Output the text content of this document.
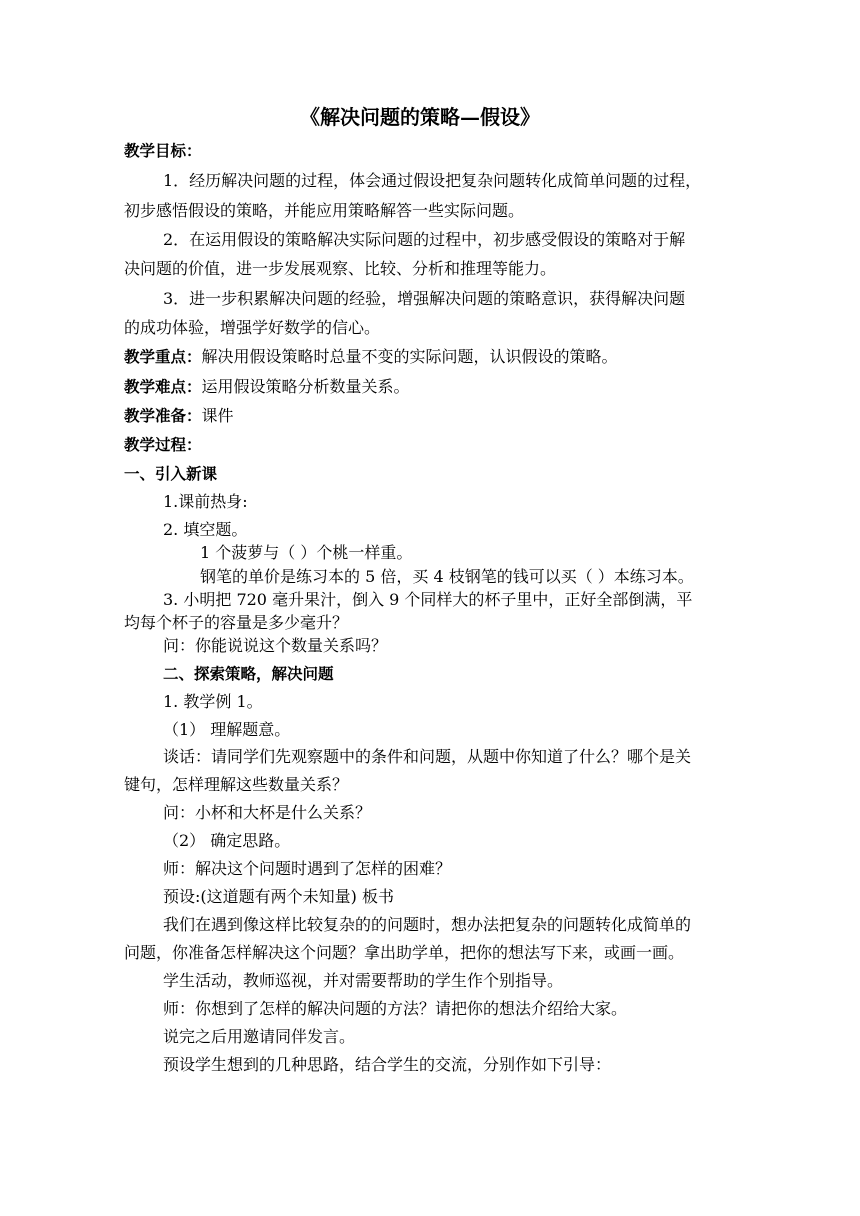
《解决问题的策略—假设》
教学目标：
1．经历解决问题的过程，体会通过假设把复杂问题转化成简单问题的过程，
初步感悟假设的策略，并能应用策略解答一些实际问题。
2．在运用假设的策略解决实际问题的过程中，初步感受假设的策略对于解
决问题的价值，进一步发展观察、比较、分析和推理等能力。
3．进一步积累解决问题的经验，增强解决问题的策略意识，获得解决问题
的成功体验，增强学好数学的信心。
教学重点：解决用假设策略时总量不变的实际问题，认识假设的策略。
教学难点：运用假设策略分析数量关系。
教学准备：课件
教学过程：
一、引入新课
1.课前热身:
2. 填空题。
1 个菠萝与（ ）个桃一样重。
钢笔的单价是练习本的 5 倍，买 4 枝钢笔的钱可以买（ ）本练习本。
3. 小明把 720 毫升果汁，倒入 9 个同样大的杯子里中，正好全部倒满，平
均每个杯子的容量是多少毫升？
问：你能说说这个数量关系吗？
二、探索策略，解决问题
1. 教学例 1。
（1） 理解题意。
谈话：请同学们先观察题中的条件和问题，从题中你知道了什么？哪个是关
键句，怎样理解这些数量关系？
问：小杯和大杯是什么关系？
（2） 确定思路。
师：解决这个问题时遇到了怎样的困难？
预设:(这道题有两个未知量) 板书
我们在遇到像这样比较复杂的的问题时，想办法把复杂的问题转化成简单的
问题，你准备怎样解决这个问题？拿出助学单，把你的想法写下来，或画一画。
学生活动，教师巡视，并对需要帮助的学生作个别指导。
师：你想到了怎样的解决问题的方法？请把你的想法介绍给大家。
说完之后用邀请同伴发言。
预设学生想到的几种思路，结合学生的交流，分别作如下引导：
